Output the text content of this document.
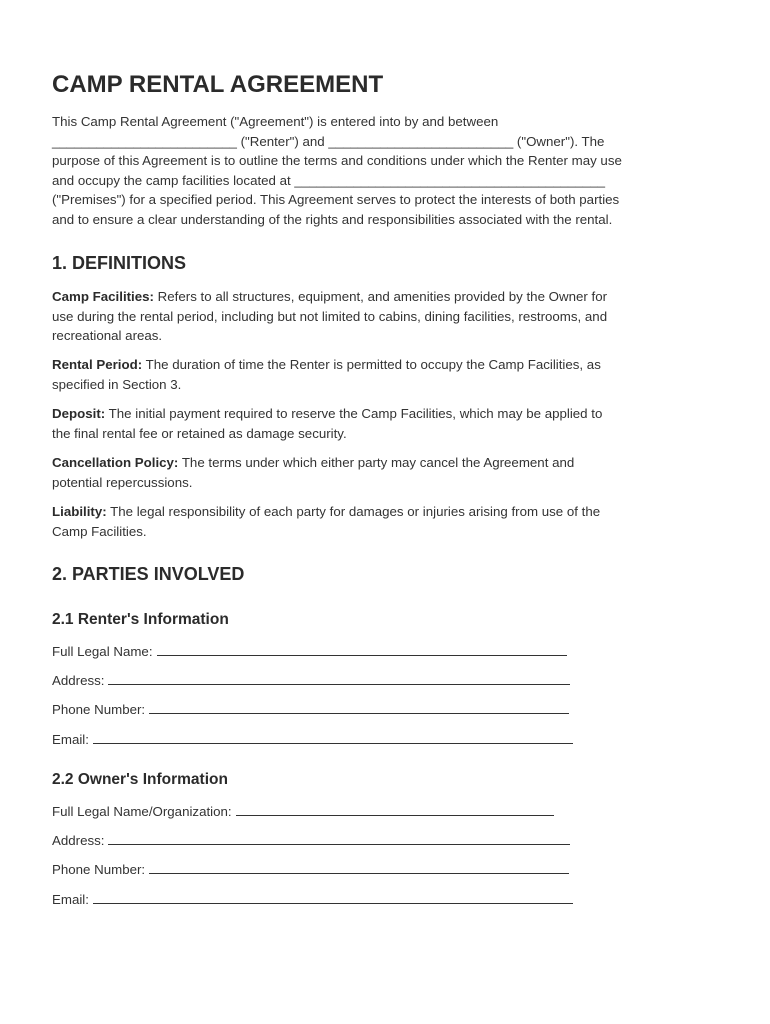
CAMP RENTAL AGREEMENT

This Camp Rental Agreement ("Agreement") is entered into by and between
_________________________ ("Renter") and _________________________ ("Owner"). The
purpose of this Agreement is to outline the terms and conditions under which the Renter may use
and occupy the camp facilities located at __________________________________________
("Premises") for a specified period. This Agreement serves to protect the interests of both parties
and to ensure a clear understanding of the rights and responsibilities associated with the rental.

1. DEFINITIONS

Camp Facilities: Refers to all structures, equipment, and amenities provided by the Owner for
use during the rental period, including but not limited to cabins, dining facilities, restrooms, and
recreational areas.

Rental Period: The duration of time the Renter is permitted to occupy the Camp Facilities, as
specified in Section 3.

Deposit: The initial payment required to reserve the Camp Facilities, which may be applied to
the final rental fee or retained as damage security.

Cancellation Policy: The terms under which either party may cancel the Agreement and
potential repercussions.

Liability: The legal responsibility of each party for damages or injuries arising from use of the
Camp Facilities.

2. PARTIES INVOLVED
2.1 Renter's Information
Full Legal Name:
Address:
Phone Number:
Email:
2.2 Owner's Information
Full Legal Name/Organization:
Address:
Phone Number:
Email:
